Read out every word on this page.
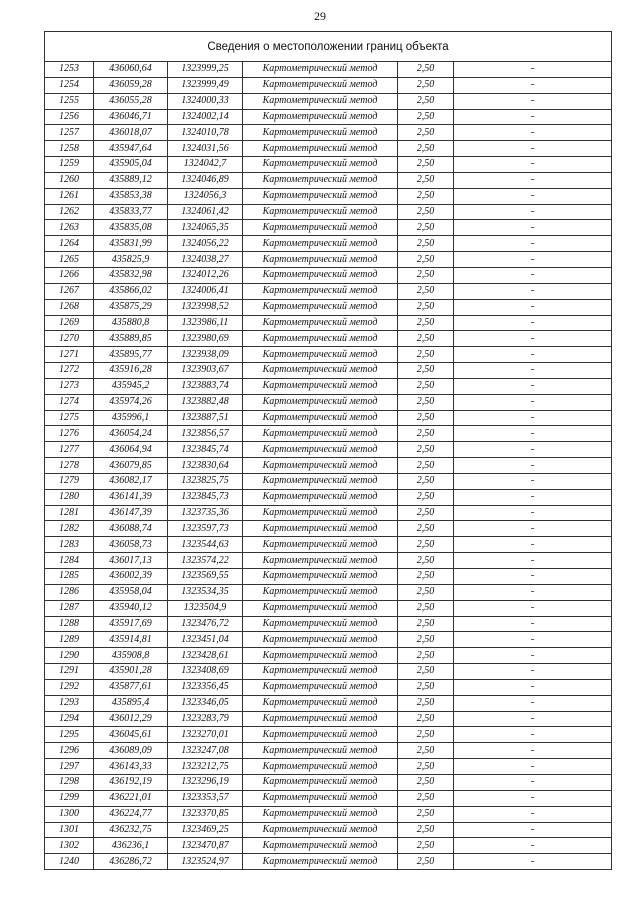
29
Сведения о местоположении границ объекта					
1253	436060,64	1323999,25	Картометрический метод	2,50	-
1254	436059,28	1323999,49	Картометрический метод	2,50	-
1255	436055,28	1324000,33	Картометрический метод	2,50	-
1256	436046,71	1324002,14	Картометрический метод	2,50	-
1257	436018,07	1324010,78	Картометрический метод	2,50	-
1258	435947,64	1324031,56	Картометрический метод	2,50	-
1259	435905,04	1324042,7	Картометрический метод	2,50	-
1260	435889,12	1324046,89	Картометрический метод	2,50	-
1261	435853,38	1324056,3	Картометрический метод	2,50	-
1262	435833,77	1324061,42	Картометрический метод	2,50	-
1263	435835,08	1324065,35	Картометрический метод	2,50	-
1264	435831,99	1324056,22	Картометрический метод	2,50	-
1265	435825,9	1324038,27	Картометрический метод	2,50	-
1266	435832,98	1324012,26	Картометрический метод	2,50	-
1267	435866,02	1324006,41	Картометрический метод	2,50	-
1268	435875,29	1323998,52	Картометрический метод	2,50	-
1269	435880,8	1323986,11	Картометрический метод	2,50	-
1270	435889,85	1323980,69	Картометрический метод	2,50	-
1271	435895,77	1323938,09	Картометрический метод	2,50	-
1272	435916,28	1323903,67	Картометрический метод	2,50	-
1273	435945,2	1323883,74	Картометрический метод	2,50	-
1274	435974,26	1323882,48	Картометрический метод	2,50	-
1275	435996,1	1323887,51	Картометрический метод	2,50	-
1276	436054,24	1323856,57	Картометрический метод	2,50	-
1277	436064,94	1323845,74	Картометрический метод	2,50	-
1278	436079,85	1323830,64	Картометрический метод	2,50	-
1279	436082,17	1323825,75	Картометрический метод	2,50	-
1280	436141,39	1323845,73	Картометрический метод	2,50	-
1281	436147,39	1323735,36	Картометрический метод	2,50	-
1282	436088,74	1323597,73	Картометрический метод	2,50	-
1283	436058,73	1323544,63	Картометрический метод	2,50	-
1284	436017,13	1323574,22	Картометрический метод	2,50	-
1285	436002,39	1323569,55	Картометрический метод	2,50	-
1286	435958,04	1323534,35	Картометрический метод	2,50	-
1287	435940,12	1323504,9	Картометрический метод	2,50	-
1288	435917,69	1323476,72	Картометрический метод	2,50	-
1289	435914,81	1323451,04	Картометрический метод	2,50	-
1290	435908,8	1323428,61	Картометрический метод	2,50	-
1291	435901,28	1323408,69	Картометрический метод	2,50	-
1292	435877,61	1323356,45	Картометрический метод	2,50	-
1293	435895,4	1323346,05	Картометрический метод	2,50	-
1294	436012,29	1323283,79	Картометрический метод	2,50	-
1295	436045,61	1323270,01	Картометрический метод	2,50	-
1296	436089,09	1323247,08	Картометрический метод	2,50	-
1297	436143,33	1323212,75	Картометрический метод	2,50	-
1298	436192,19	1323296,19	Картометрический метод	2,50	-
1299	436221,01	1323353,57	Картометрический метод	2,50	-
1300	436224,77	1323370,85	Картометрический метод	2,50	-
1301	436232,75	1323469,25	Картометрический метод	2,50	-
1302	436236,1	1323470,87	Картометрический метод	2,50	-
1240	436286,72	1323524,97	Картометрический метод	2,50	-
